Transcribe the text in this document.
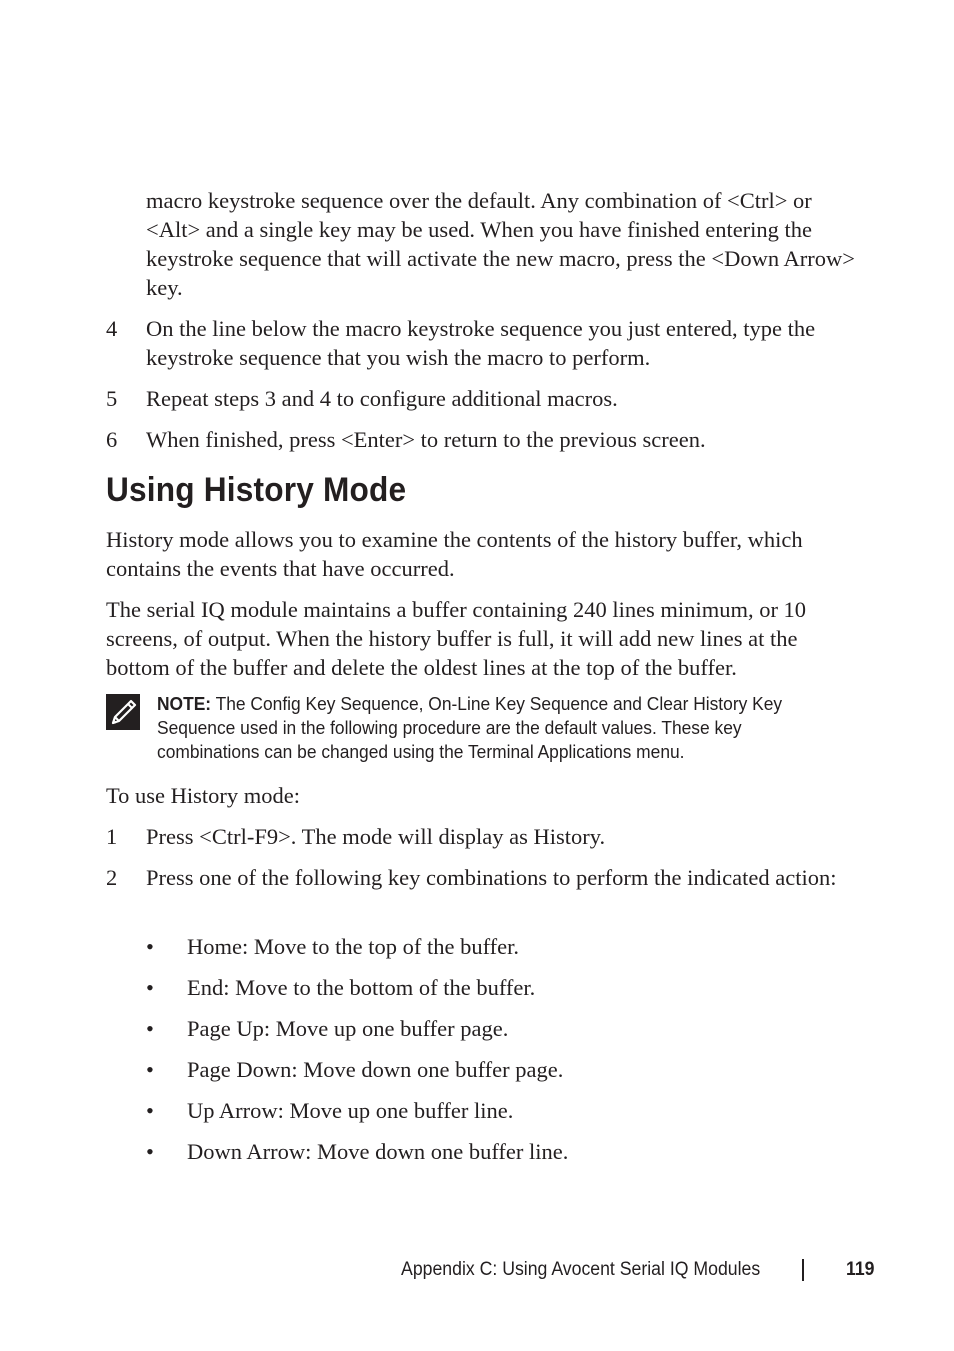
macro keystroke sequence over the default. Any combination of <Ctrl> or <Alt> and a single key may be used. When you have finished entering the keystroke sequence that will activate the new macro, press the <Down Arrow> key.

4	On the line below the macro keystroke sequence you just entered, type the keystroke sequence that you wish the macro to perform.
5	Repeat steps 3 and 4 to configure additional macros.
6	When finished, press <Enter> to return to the previous screen.
Using History Mode

History mode allows you to examine the contents of the history buffer, which contains the events that have occurred.

The serial IQ module maintains a buffer containing 240 lines minimum, or 10 screens, of output. When the history buffer is full, it will add new lines at the bottom of the buffer and delete the oldest lines at the top of the buffer.

NOTE: The Config Key Sequence, On-Line Key Sequence and Clear History Key Sequence used in the following procedure are the default values. These key combinations can be changed using the Terminal Applications menu.

To use History mode:

1	Press <Ctrl-F9>. The mode will display as History.
2	Press one of the following key combinations to perform the indicated action:
•	Home: Move to the top of the buffer.
•	End: Move to the bottom of the buffer.
•	Page Up: Move up one buffer page.
•	Page Down: Move down one buffer page.
•	Up Arrow: Move up one buffer line.
•	Down Arrow: Move down one buffer line.
Appendix C: Using Avocent Serial IQ Modules	119
